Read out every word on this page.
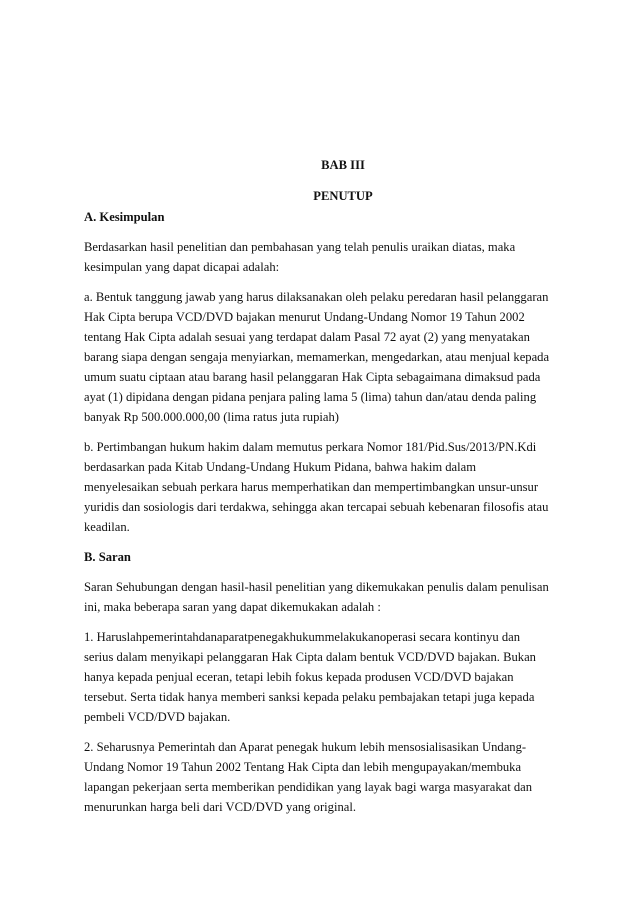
BAB III

PENUTUP

A. Kesimpulan

Berdasarkan hasil penelitian dan pembahasan yang telah penulis uraikan diatas, maka kesimpulan yang dapat dicapai adalah:

a. Bentuk tanggung jawab yang harus dilaksanakan oleh pelaku peredaran hasil pelanggaran Hak Cipta berupa VCD/DVD bajakan menurut Undang-Undang Nomor 19 Tahun 2002 tentang Hak Cipta adalah sesuai yang terdapat dalam Pasal 72 ayat (2) yang menyatakan barang siapa dengan sengaja menyiarkan, memamerkan, mengedarkan, atau menjual kepada umum suatu ciptaan atau barang hasil pelanggaran Hak Cipta sebagaimana dimaksud pada ayat (1) dipidana dengan pidana penjara paling lama 5 (lima) tahun dan/atau denda paling banyak Rp 500.000.000,00 (lima ratus juta rupiah)

b. Pertimbangan hukum hakim dalam memutus perkara Nomor 181/Pid.Sus/2013/PN.Kdi berdasarkan pada Kitab Undang-Undang Hukum Pidana, bahwa hakim dalam menyelesaikan sebuah perkara harus memperhatikan dan mempertimbangkan unsur-unsur yuridis dan sosiologis dari terdakwa, sehingga akan tercapai sebuah kebenaran filosofis atau keadilan.

B. Saran

Saran Sehubungan dengan hasil-hasil penelitian yang dikemukakan penulis dalam penulisan ini, maka beberapa saran yang dapat dikemukakan adalah :

1. Haruslahpemerintahdanaparatpenegakhukummelakukanoperasi secara kontinyu dan serius dalam menyikapi pelanggaran Hak Cipta dalam bentuk VCD/DVD bajakan. Bukan hanya kepada penjual eceran, tetapi lebih fokus kepada produsen VCD/DVD bajakan tersebut. Serta tidak hanya memberi sanksi kepada pelaku pembajakan tetapi juga kepada pembeli VCD/DVD bajakan.

2. Seharusnya Pemerintah dan Aparat penegak hukum lebih mensosialisasikan Undang-Undang Nomor 19 Tahun 2002 Tentang Hak Cipta dan lebih mengupayakan/membuka lapangan pekerjaan serta memberikan pendidikan yang layak bagi warga masyarakat dan menurunkan harga beli dari VCD/DVD yang original.
